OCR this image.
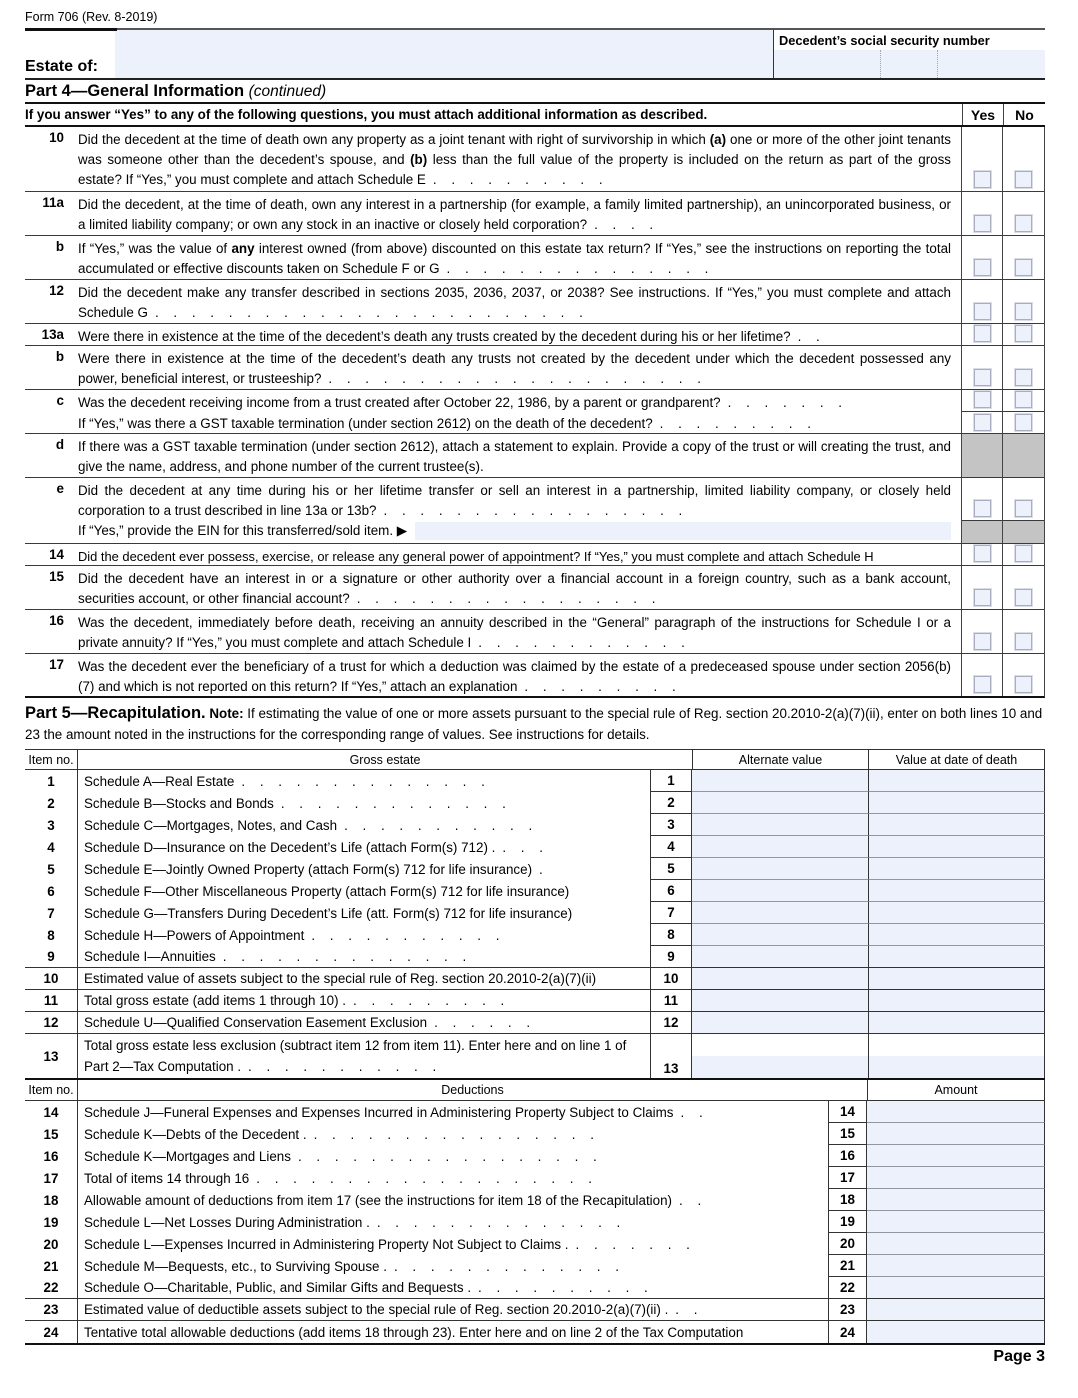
Form 706 (Rev. 8-2019)
Estate of:
Decedent’s social security number
Part 4—General Information (continued)
If you answer “Yes” to any of the following questions, you must attach additional information as described.	Yes	No
10	Did the decedent at the time of death own any property as a joint tenant with right of survivorship in which (a) one or more of the other joint tenants was someone other than the decedent’s spouse, and (b) less than the full value of the property is included on the return as part of the gross estate? If “Yes,” you must complete and attach Schedule E . . . . . . . . . .
11a	Did the decedent, at the time of death, own any interest in a partnership (for example, a family limited partnership), an unincorporated business, or a limited liability company; or own any stock in an inactive or closely held corporation? . . . .
b	If “Yes,” was the value of any interest owned (from above) discounted on this estate tax return? If “Yes,” see the instructions on reporting the total accumulated or effective discounts taken on Schedule F or G . . . . . . . . . . . . . . .
12	Did the decedent make any transfer described in sections 2035, 2036, 2037, or 2038? See instructions. If “Yes,” you must complete and attach Schedule G . . . . . . . . . . . . . . . . . . . . . . . .
13a	Were there in existence at the time of the decedent’s death any trusts created by the decedent during his or her lifetime? . .
b	Were there in existence at the time of the decedent’s death any trusts not created by the decedent under which the decedent possessed any power, beneficial interest, or trusteeship? . . . . . . . . . . . . . . . . . . . . .
c	Was the decedent receiving income from a trust created after October 22, 1986, by a parent or grandparent? . . . . . . .
If “Yes,” was there a GST taxable termination (under section 2612) on the death of the decedent? . . . . . . . . .
d	If there was a GST taxable termination (under section 2612), attach a statement to explain. Provide a copy of the trust or will creating the trust, and give the name, address, and phone number of the current trustee(s).
e	Did the decedent at any time during his or her lifetime transfer or sell an interest in a partnership, limited liability company, or closely held corporation to a trust described in line 13a or 13b? . . . . . . . . . . . . . . . . .
If “Yes,” provide the EIN for this transferred/sold item. ▶
14	Did the decedent ever possess, exercise, or release any general power of appointment? If “Yes,” you must complete and attach Schedule H
15	Did the decedent have an interest in or a signature or other authority over a financial account in a foreign country, such as a bank account, securities account, or other financial account? . . . . . . . . . . . . . . . . .
16	Was the decedent, immediately before death, receiving an annuity described in the “General” paragraph of the instructions for Schedule I or a private annuity? If “Yes,” you must complete and attach Schedule I . . . . . . . . . . . .
17	Was the decedent ever the beneficiary of a trust for which a deduction was claimed by the estate of a predeceased spouse under section 2056(b)(7) and which is not reported on this return? If “Yes,” attach an explanation . . . . . . . . .
Part 5—Recapitulation. Note: If estimating the value of one or more assets pursuant to the special rule of Reg. section 20.2010-2(a)(7)(ii), enter on both lines 10 and 23 the amount noted in the instructions for the corresponding range of values. See instructions for details.
Item no.	Gross estate	Alternate value	Value at date of death
1	Schedule A—Real Estate . . . . . . . . . . . . . .	1
2	Schedule B—Stocks and Bonds . . . . . . . . . . . . .	2
3	Schedule C—Mortgages, Notes, and Cash . . . . . . . . . . .	3
4	Schedule D—Insurance on the Decedent’s Life (attach Form(s) 712) . . . .	4
5	Schedule E—Jointly Owned Property (attach Form(s) 712 for life insurance) .	5
6	Schedule F—Other Miscellaneous Property (attach Form(s) 712 for life insurance)	6
7	Schedule G—Transfers During Decedent’s Life (att. Form(s) 712 for life insurance)	7
8	Schedule H—Powers of Appointment . . . . . . . . . . .	8
9	Schedule I—Annuities . . . . . . . . . . . . . .	9
10	Estimated value of assets subject to the special rule of Reg. section 20.2010-2(a)(7)(ii)	10
11	Total gross estate (add items 1 through 10) . . . . . . . . . .	11
12	Schedule U—Qualified Conservation Easement Exclusion . . . . . .	12
13
Total gross estate less exclusion (subtract item 12 from item 11). Enter here and on line 1 of Part 2—Tax Computation . . . . . . . . . . . .	13
Item no.	Deductions	Amount
14	Schedule J—Funeral Expenses and Expenses Incurred in Administering Property Subject to Claims . .	14
15	Schedule K—Debts of the Decedent . . . . . . . . . . . . . . . . .	15
16	Schedule K—Mortgages and Liens . . . . . . . . . . . . . . . . .	16
17	Total of items 14 through 16 . . . . . . . . . . . . . . . . . . .	17
18	Allowable amount of deductions from item 17 (see the instructions for item 18 of the Recapitulation) . .	18
19	Schedule L—Net Losses During Administration . . . . . . . . . . . . . . .	19
20	Schedule L—Expenses Incurred in Administering Property Not Subject to Claims . . . . . . . .	20
21	Schedule M—Bequests, etc., to Surviving Spouse . . . . . . . . . . . . . .	21
22	Schedule O—Charitable, Public, and Similar Gifts and Bequests . . . . . . . . . . .	22
23	Estimated value of deductible assets subject to the special rule of Reg. section 20.2010-2(a)(7)(ii) . . .	23
24	Tentative total allowable deductions (add items 18 through 23). Enter here and on line 2 of the Tax Computation	24
Page 3
